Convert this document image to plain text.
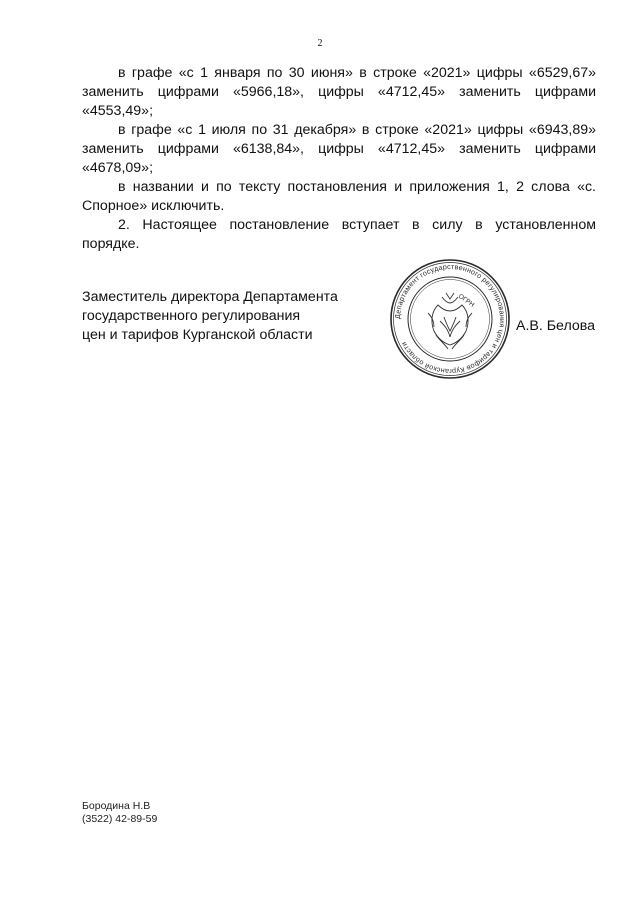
2

в графе «с 1 января по 30 июня» в строке «2021» цифры «6529,67» заменить цифрами «5966,18», цифры «4712,45» заменить цифрами «4553,49»;

в графе «с 1 июля по 31 декабря» в строке «2021» цифры «6943,89» заменить цифрами «6138,84», цифры «4712,45» заменить цифрами «4678,09»;

в названии и по тексту постановления и приложения 1, 2 слова «с. Спорное» исключить.

2. Настоящее постановление вступает в силу в установленном порядке.

Заместитель директора Департамента
государственного регулирования
цен и тарифов Курганской области
Департамент государственного регулирования цен и тарифов Курганской области
ОГРН
А.В. Белова
Бородина Н.В
(3522) 42-89-59
